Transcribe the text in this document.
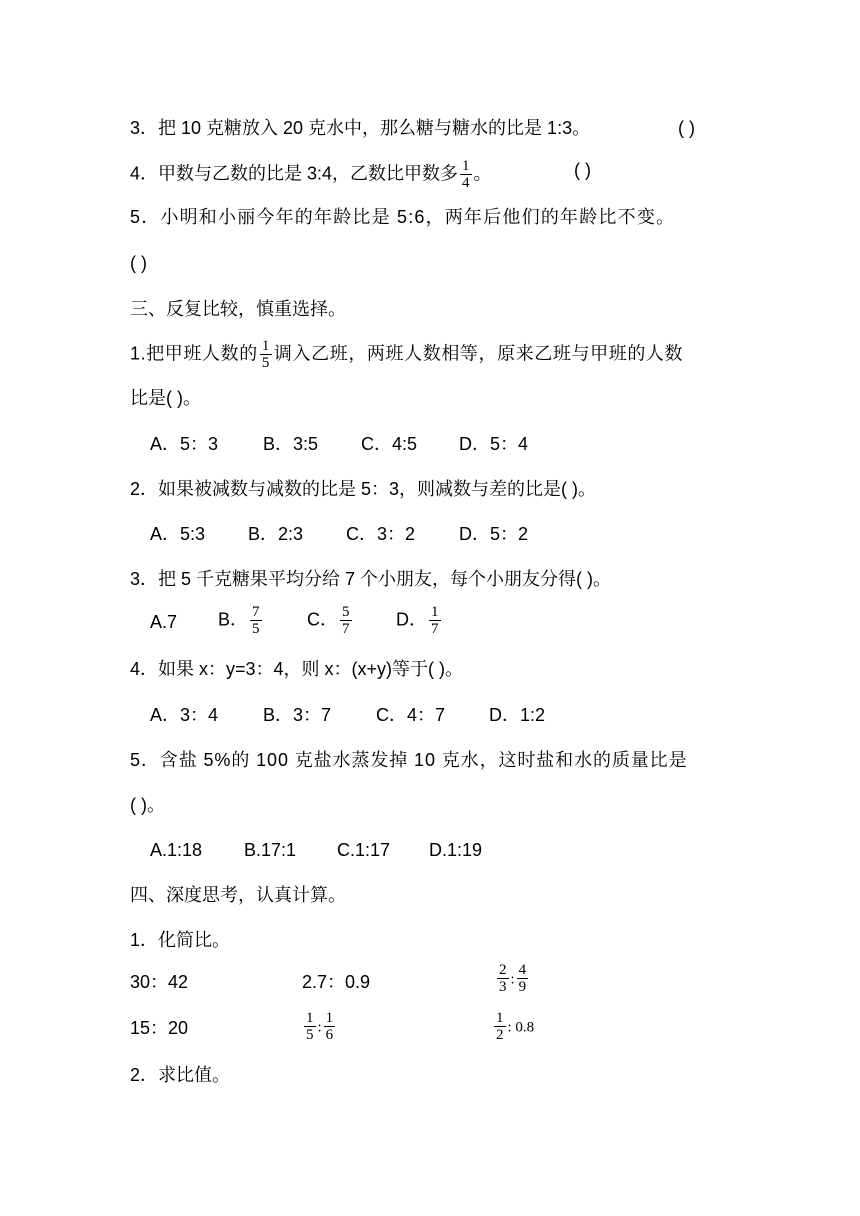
3．把 10 克糖放入 20 克水中，那么糖与糖水的比是 1:3。	( )
4．甲数与乙数的比是 3:4，乙数比甲数多 $\frac{1}{4}$ 。	( )
5．小明和小丽今年的年龄比是 5:6，两年后他们的年龄比不变。
( )
三、反复比较，慎重选择。
1.把甲班人数的 $\frac{1}{5}$ 调入乙班，两班人数相等，原来乙班与甲班的人数
比是( )。
A．5：3 B．3:5 C．4:5 D．5：4
2．如果被减数与减数的比是 5：3，则减数与差的比是( )。
A．5:3 B．2:3 C．3：2 D．5：2
3．把 5 千克糖果平均分给 7 个小朋友，每个小朋友分得( )。
A.7 B． $\frac{7}{5}$	C． $\frac{5}{7}$ D． $\frac{1}{7}$
4．如果 x：y=3：4，则 x：(x+y)等于( )。
A．3：4 B．3：7 C．4：7 D．1:2
5．含盐 5%的 100 克盐水蒸发掉 10 克水，这时盐和水的质量比是
( )。
A.1:18 B.17:1 C.1:17 D.1:19
四、深度思考，认真计算。
1．化简比。
30：42	2.7：0.9	$\frac{2}{3}$ : $\frac{4}{9}$
15：20	$\frac{1}{5}$ : $\frac{1}{6}$	$\frac{1}{2}$ : 0.8
2．求比值。
